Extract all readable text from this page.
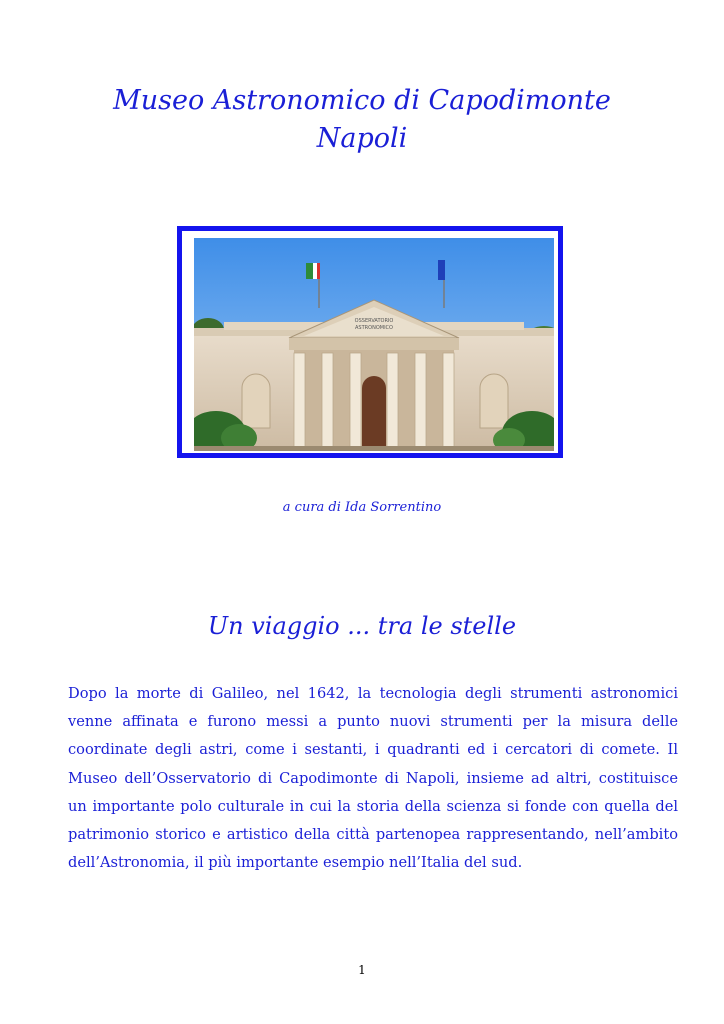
Museo Astronomico di Capodimonte
Napoli
OSSERVATORIO
ASTRONOMICO
a cura di Ida Sorrentino
Un viaggio ... tra le stelle

Dopo la morte di Galileo, nel 1642, la tecnologia degli strumenti astronomici venne affinata e furono messi a punto nuovi strumenti per la misura delle coordinate degli astri, come i sestanti, i quadranti ed i cercatori di comete. Il Museo dell’Osservatorio di Capodimonte di Napoli, insieme ad altri, costituisce un importante polo culturale in cui la storia della scienza si fonde con quella del patrimonio storico e artistico della città partenopea rappresentando, nell’ambito dell’Astronomia, il più importante esempio nell’Italia del sud.

1
